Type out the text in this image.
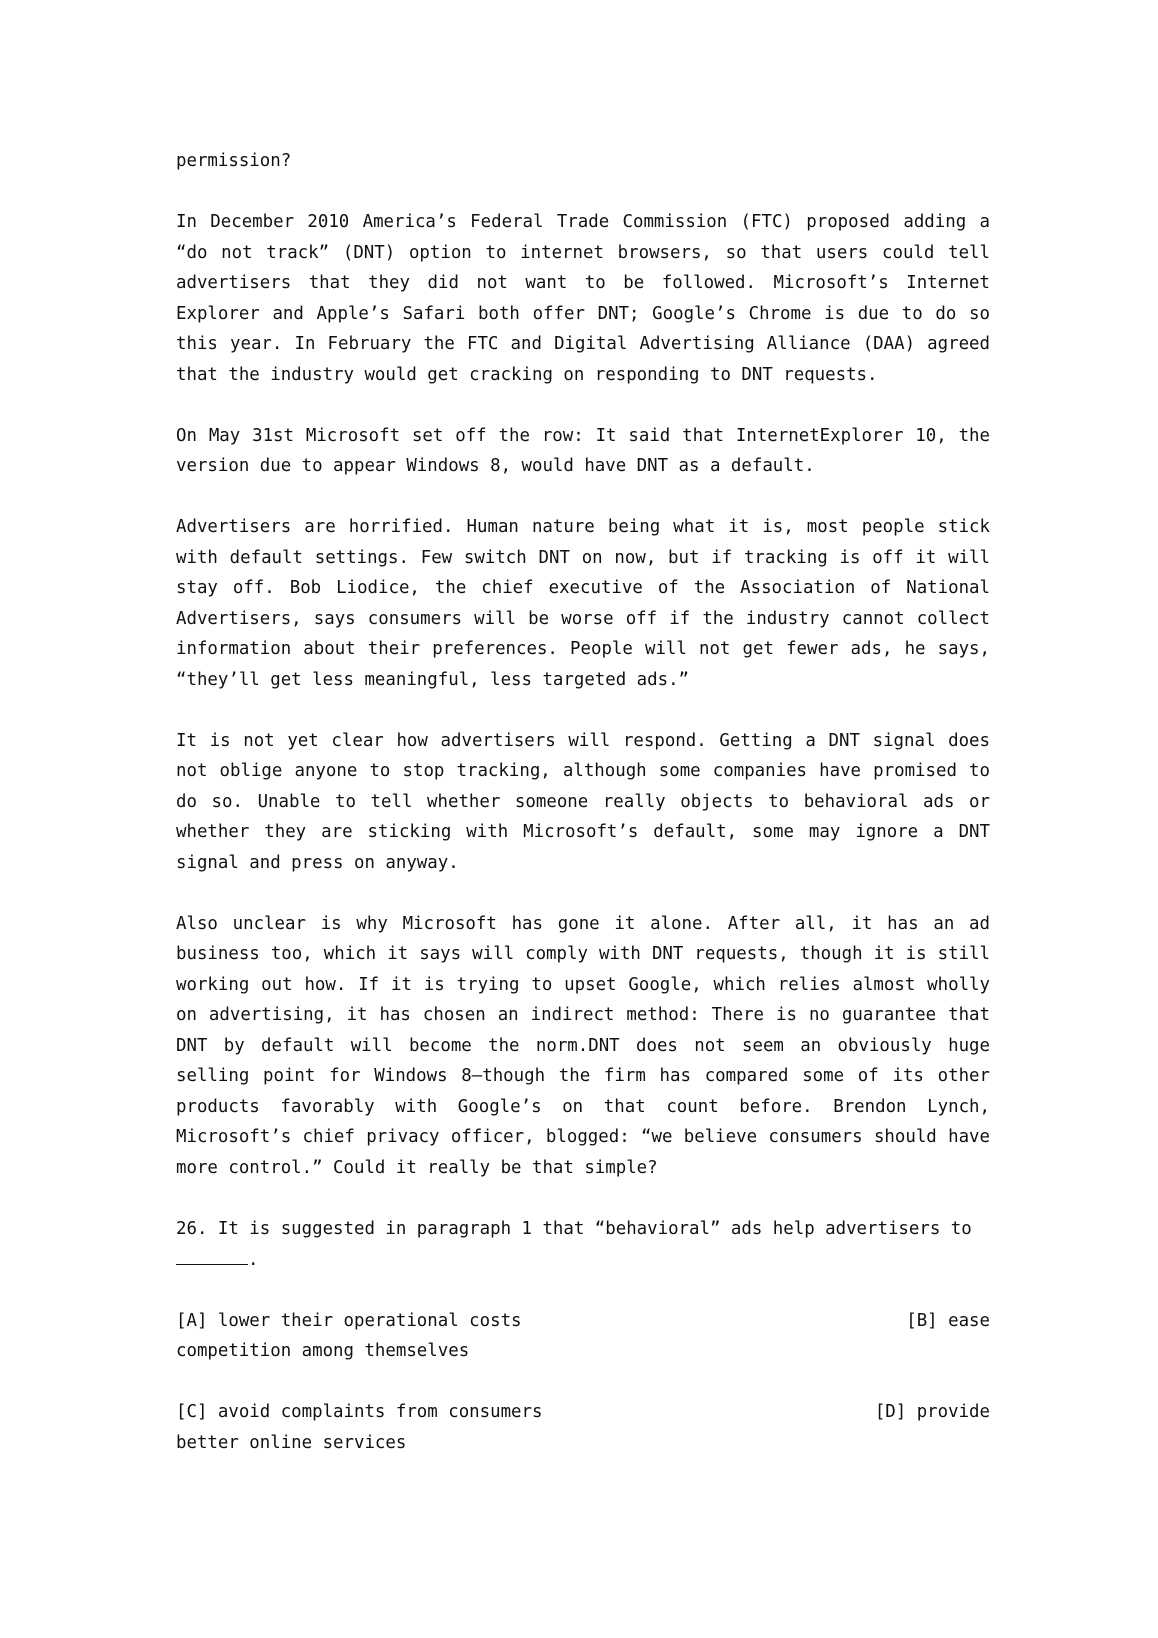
permission?

In December 2010 America’s Federal Trade Commission (FTC) proposed adding a “do not track” (DNT) option to internet browsers, so that users could tell advertisers that they did not want to be followed. Microsoft’s Internet Explorer and Apple’s Safari both offer DNT; Google’s Chrome is due to do so this year. In February the FTC and Digital Advertising Alliance (DAA) agreed that the industry would get cracking on responding to DNT requests.

On May 31st Microsoft set off the row: It said that InternetExplorer 10, the version due to appear Windows 8, would have DNT as a default.

Advertisers are horrified. Human nature being what it is, most people stick with default settings. Few switch DNT on now, but if tracking is off it will stay off. Bob Liodice, the chief executive of the Association of National Advertisers, says consumers will be worse off if the industry cannot collect information about their preferences. People will not get fewer ads, he says, “they’ll get less meaningful, less targeted ads.”

It is not yet clear how advertisers will respond. Getting a DNT signal does not oblige anyone to stop tracking, although some companies have promised to do so. Unable to tell whether someone really objects to behavioral ads or whether they are sticking with Microsoft’s default, some may ignore a DNT signal and press on anyway.

Also unclear is why Microsoft has gone it alone. After all, it has an ad business too, which it says will comply with DNT requests, though it is still working out how. If it is trying to upset Google, which relies almost wholly on advertising, it has chosen an indirect method: There is no guarantee that DNT by default will become the norm.DNT does not seem an obviously huge selling point for Windows 8—though the firm has compared some of its other products favorably with Google’s on that count before. Brendon Lynch, Microsoft’s chief privacy officer, blogged: “we believe consumers should have more control.” Could it really be that simple?

26. It is suggested in paragraph 1 that “behavioral” ads help advertisers to
.

[A] lower their operational costs	[B] ease
competition among themselves
[C] avoid complaints from consumers	[D] provide
better online services
